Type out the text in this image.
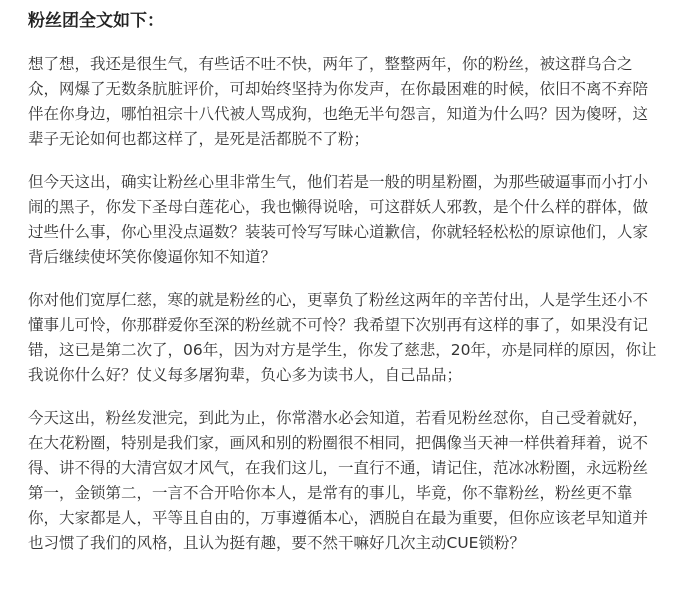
粉丝团全文如下：

想了想，我还是很生气，有些话不吐不快，两年了，整整两年，你的粉丝，被这群乌合之众，网爆了无数条肮脏评价，可却始终坚持为你发声，在你最困难的时候，依旧不离不弃陪伴在你身边，哪怕祖宗十八代被人骂成狗，也绝无半句怨言，知道为什么吗？因为傻呀，这辈子无论如何也都这样了，是死是活都脱不了粉；

但今天这出，确实让粉丝心里非常生气，他们若是一般的明星粉圈，为那些破逼事而小打小闹的黑子，你发下圣母白莲花心，我也懒得说啥，可这群妖人邪教，是个什么样的群体，做过些什么事，你心里没点逼数？装装可怜写写昧心道歉信，你就轻轻松松的原谅他们，人家背后继续使坏笑你傻逼你知不知道？

你对他们宽厚仁慈，寒的就是粉丝的心，更辜负了粉丝这两年的辛苦付出，人是学生还小不懂事儿可怜，你那群爱你至深的粉丝就不可怜？我希望下次别再有这样的事了，如果没有记错，这已是第二次了，06年，因为对方是学生，你发了慈悲，20年，亦是同样的原因，你让我说你什么好？仗义每多屠狗辈，负心多为读书人，自己品品；

今天这出，粉丝发泄完，到此为止，你常潜水必会知道，若看见粉丝怼你，自己受着就好，在大花粉圈，特别是我们家，画风和别的粉圈很不相同，把偶像当天神一样供着拜着，说不得、讲不得的大清宫奴才风气，在我们这儿，一直行不通，请记住，范冰冰粉圈，永远粉丝第一，金锁第二，一言不合开哈你本人，是常有的事儿，毕竟，你不靠粉丝，粉丝更不靠你，大家都是人，平等且自由的，万事遵循本心，洒脱自在最为重要，但你应该老早知道并也习惯了我们的风格，且认为挺有趣，要不然干嘛好几次主动CUE锁粉？
